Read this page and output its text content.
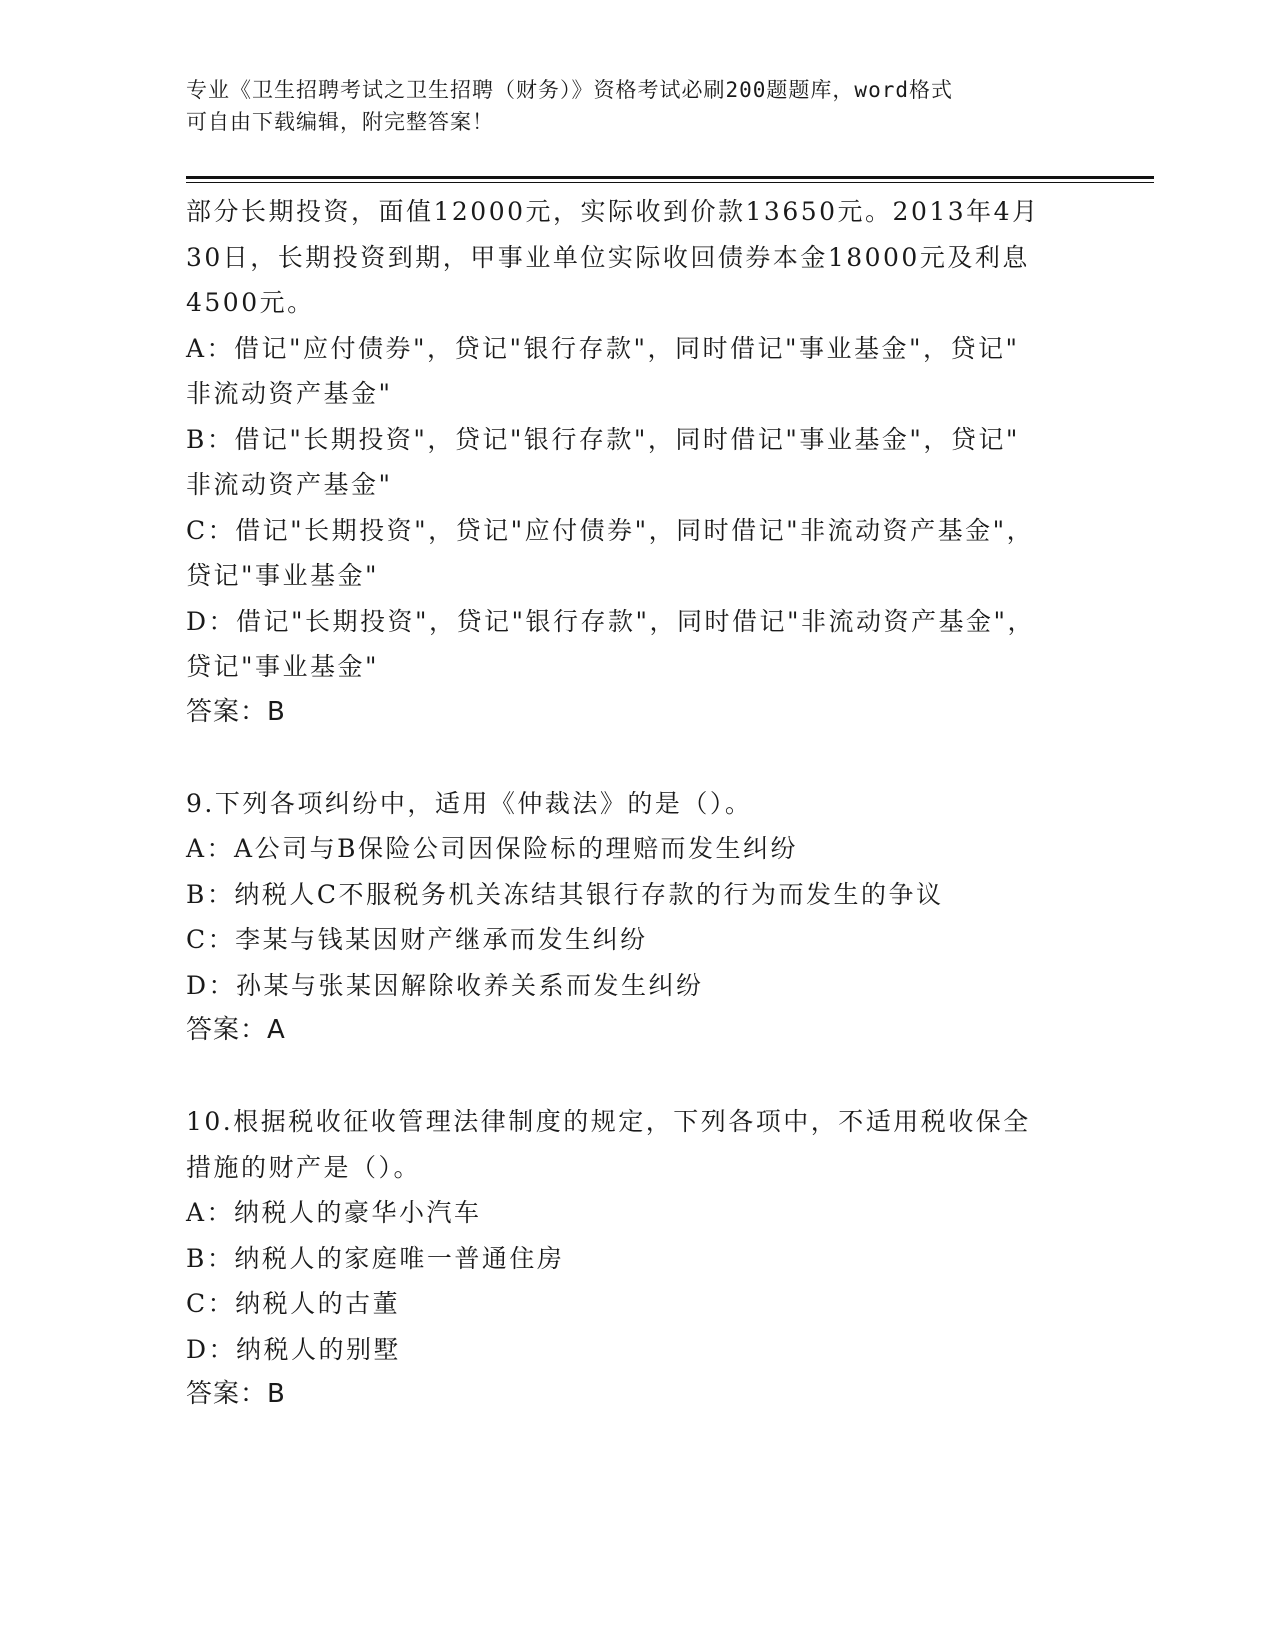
专业《卫生招聘考试之卫生招聘（财务）》资格考试必刷200题题库，word格式
可自由下载编辑，附完整答案！
部分长期投资，面值12000元，实际收到价款13650元。2013年4月
30日，长期投资到期，甲事业单位实际收回债券本金18000元及利息
4500元。
A：借记"应付债券"，贷记"银行存款"，同时借记"事业基金"，贷记"
非流动资产基金"
B：借记"长期投资"，贷记"银行存款"，同时借记"事业基金"，贷记"
非流动资产基金"
C：借记"长期投资"，贷记"应付债券"，同时借记"非流动资产基金"，
贷记"事业基金"
D：借记"长期投资"，贷记"银行存款"，同时借记"非流动资产基金"，
贷记"事业基金"
答案：B
9.下列各项纠纷中，适用《仲裁法》的是（）。
A：A公司与B保险公司因保险标的理赔而发生纠纷
B：纳税人C不服税务机关冻结其银行存款的行为而发生的争议
C：李某与钱某因财产继承而发生纠纷
D：孙某与张某因解除收养关系而发生纠纷
答案：A
10.根据税收征收管理法律制度的规定，下列各项中，不适用税收保全
措施的财产是（）。
A：纳税人的豪华小汽车
B：纳税人的家庭唯一普通住房
C：纳税人的古董
D：纳税人的别墅
答案：B
